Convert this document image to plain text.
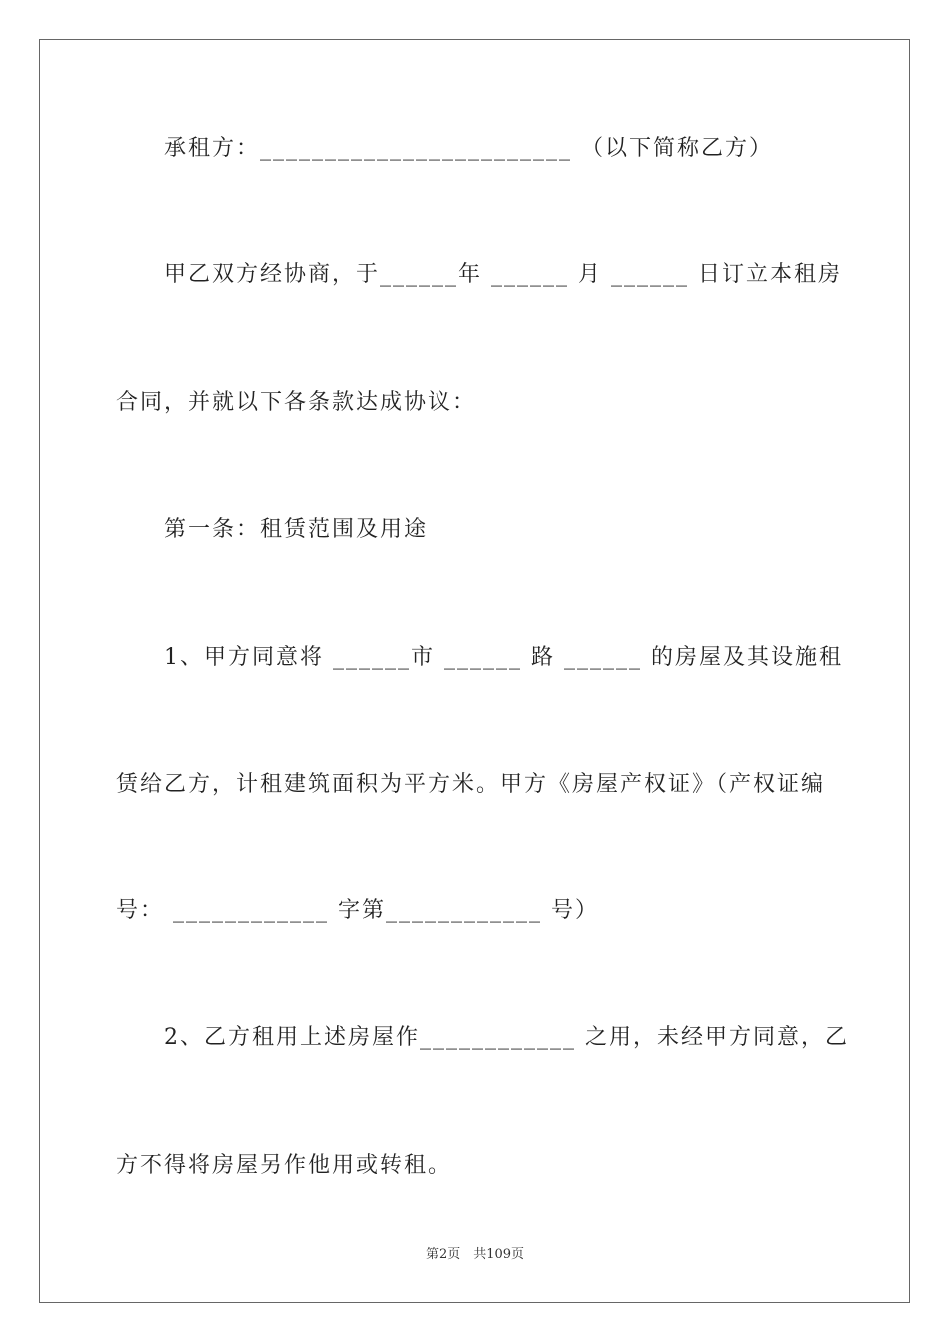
承租方：________________________ （以下简称乙方）
甲乙双方经协商，于______年 ______ 月 ______ 日订立本租房
合同，并就以下各条款达成协议：
第一条：租赁范围及用途
1、甲方同意将 ______市 ______ 路 ______ 的房屋及其设施租
赁给乙方，计租建筑面积为平方米。甲方《房屋产权证》（产权证编
号： ____________ 字第____________ 号）
2、乙方租用上述房屋作____________ 之用，未经甲方同意，乙
方不得将房屋另作他用或转租。
第2页　共109页
